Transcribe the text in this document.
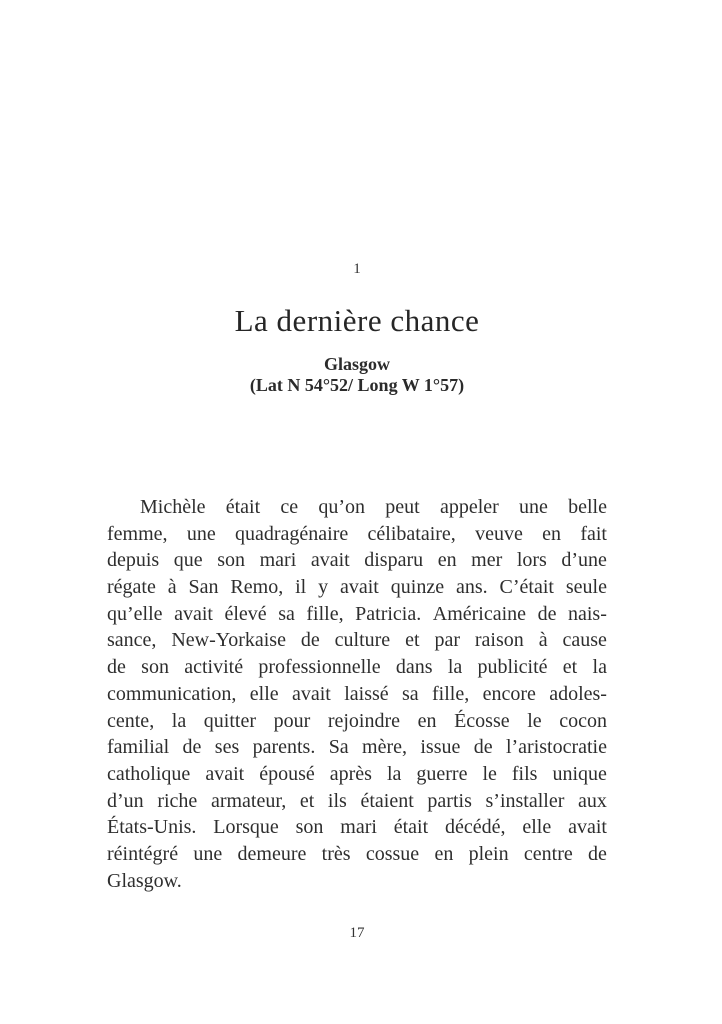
1
La dernière chance
Glasgow
(Lat N 54°52/ Long W 1°57)
Michèle était ce qu’on peut appeler une belle
femme, une quadragénaire célibataire, veuve en fait
depuis que son mari avait disparu en mer lors d’une
régate à San Remo, il y avait quinze ans. C’était seule
qu’elle avait élevé sa fille, Patricia. Américaine de nais-
sance, New-Yorkaise de culture et par raison à cause
de son activité professionnelle dans la publicité et la
communication, elle avait laissé sa fille, encore adoles-
cente, la quitter pour rejoindre en Écosse le cocon
familial de ses parents. Sa mère, issue de l’aristocratie
catholique avait épousé après la guerre le fils unique
d’un riche armateur, et ils étaient partis s’installer aux
États-Unis. Lorsque son mari était décédé, elle avait
réintégré une demeure très cossue en plein centre de
Glasgow.
17
